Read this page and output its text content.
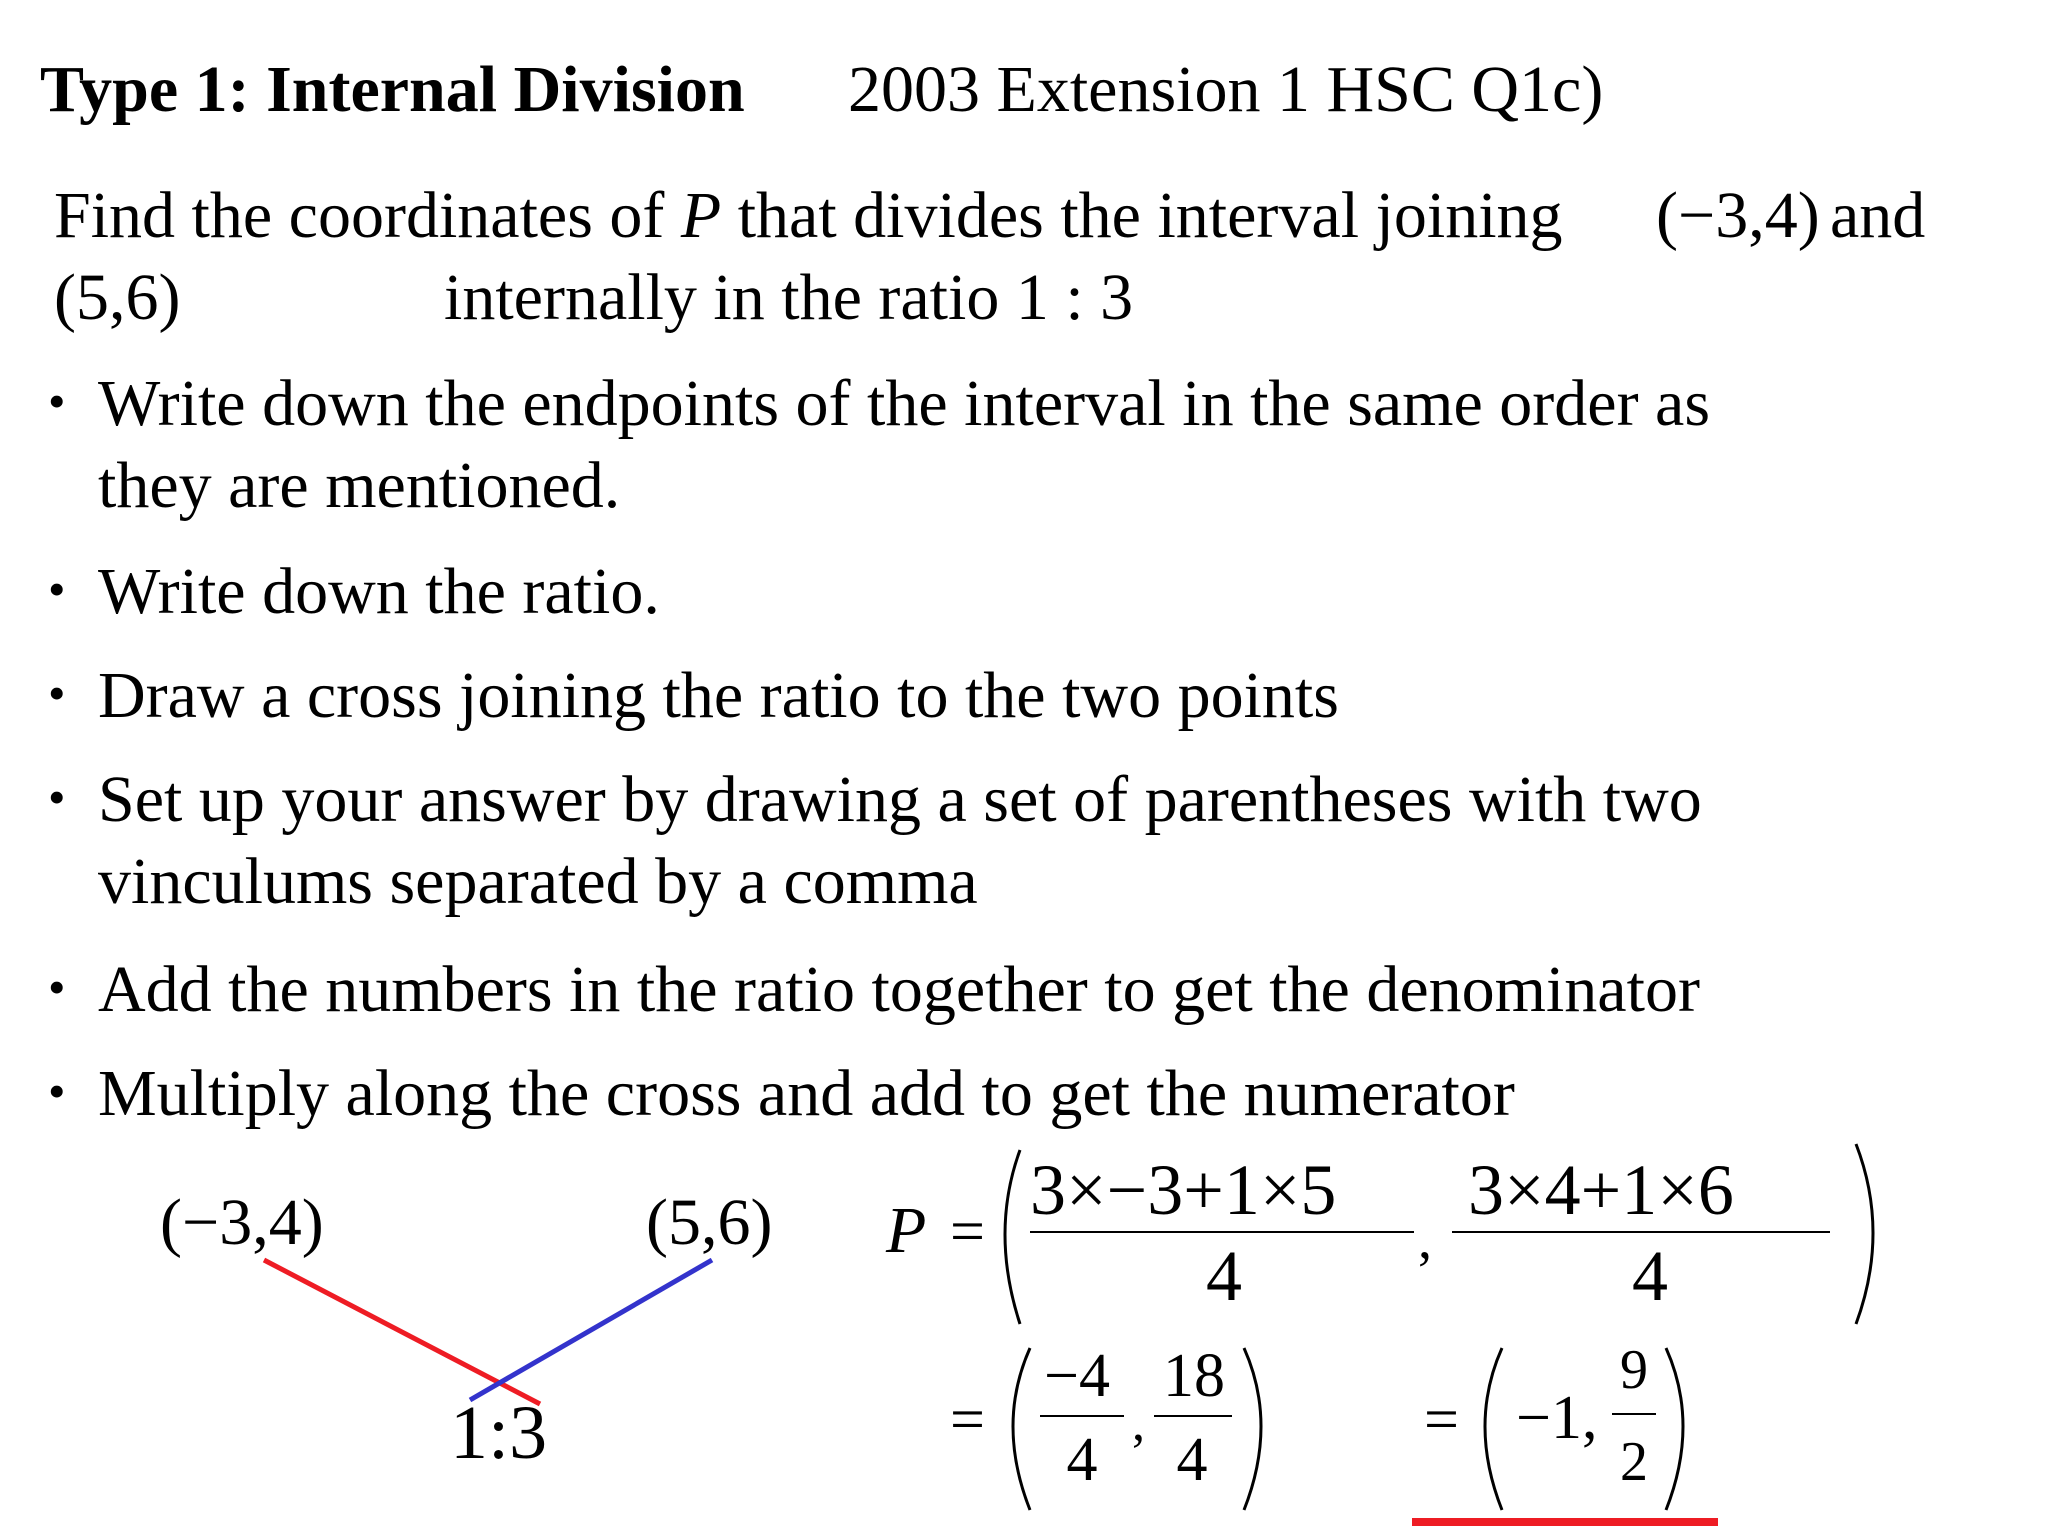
Type 1: Internal Division 2003 Extension 1 HSC Q1c)
Find the coordinates of P that divides the interval joining (−3,4) and
(5,6)	internally in the ratio 1 : 3
• Write down the endpoints of the interval in the same order as
they are mentioned.
• Write down the ratio.
• Draw a cross joining the ratio to the two points
• Set up your answer by drawing a set of parentheses with two
vinculums separated by a comma
• Add the numbers in the ratio together to get the denominator
• Multiply along the cross and add to get the numerator
(−3,4)	(5,6)
1:3
P =
3×−3+1×5
4	,
3×4+1×6
4
=
−4
4
,
18
4
= −1,
9
2
